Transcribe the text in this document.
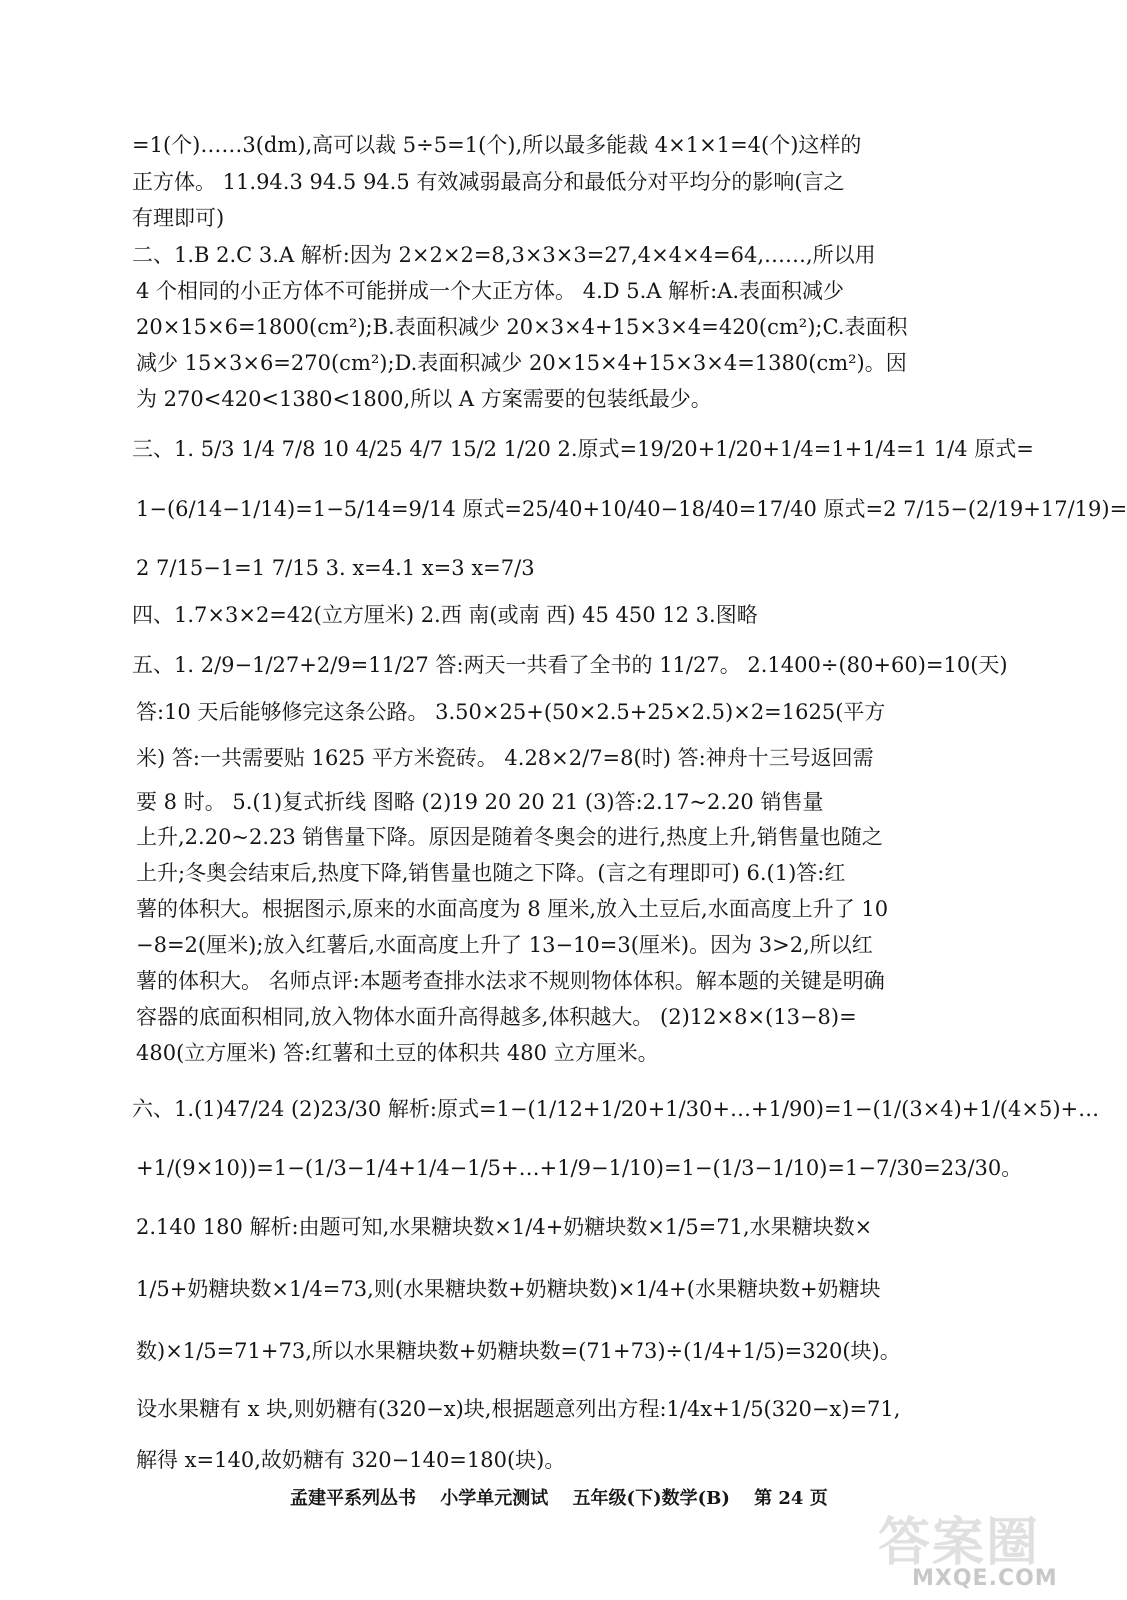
=1(个)……3(dm),高可以裁 5÷5=1(个),所以最多能裁 4×1×1=4(个)这样的
正方体。 11.94.3 94.5 94.5 有效减弱最高分和最低分对平均分的影响(言之
有理即可)
二、1.B 2.C 3.A 解析:因为 2×2×2=8,3×3×3=27,4×4×4=64,……,所以用
4 个相同的小正方体不可能拼成一个大正方体。 4.D 5.A 解析:A.表面积减少
20×15×6=1800(cm²);B.表面积减少 20×3×4+15×3×4=420(cm²);C.表面积
减少 15×3×6=270(cm²);D.表面积减少 20×15×4+15×3×4=1380(cm²)。因
为 270<420<1380<1800,所以 A 方案需要的包装纸最少。
三、1. 5/3 1/4 7/8 10 4/25 4/7 15/2 1/20 2.原式=19/20+1/20+1/4=1+1/4=1 1/4 原式=
1−(6/14−1/14)=1−5/14=9/14 原式=25/40+10/40−18/40=17/40 原式=2 7/15−(2/19+17/19)=
2 7/15−1=1 7/15 3. x=4.1 x=3 x=7/3
四、1.7×3×2=42(立方厘米) 2.西 南(或南 西) 45 450 12 3.图略
五、1. 2/9−1/27+2/9=11/27 答:两天一共看了全书的 11/27。 2.1400÷(80+60)=10(天)
答:10 天后能够修完这条公路。 3.50×25+(50×2.5+25×2.5)×2=1625(平方
米) 答:一共需要贴 1625 平方米瓷砖。 4.28×2/7=8(时) 答:神舟十三号返回需
要 8 时。 5.(1)复式折线 图略 (2)19 20 20 21 (3)答:2.17~2.20 销售量
上升,2.20~2.23 销售量下降。原因是随着冬奥会的进行,热度上升,销售量也随之
上升;冬奥会结束后,热度下降,销售量也随之下降。(言之有理即可) 6.(1)答:红
薯的体积大。根据图示,原来的水面高度为 8 厘米,放入土豆后,水面高度上升了 10
−8=2(厘米);放入红薯后,水面高度上升了 13−10=3(厘米)。因为 3>2,所以红
薯的体积大。 名师点评:本题考查排水法求不规则物体体积。解本题的关键是明确
容器的底面积相同,放入物体水面升高得越多,体积越大。 (2)12×8×(13−8)=
480(立方厘米) 答:红薯和土豆的体积共 480 立方厘米。
六、1.(1)47/24 (2)23/30 解析:原式=1−(1/12+1/20+1/30+…+1/90)=1−(1/(3×4)+1/(4×5)+…
+1/(9×10))=1−(1/3−1/4+1/4−1/5+…+1/9−1/10)=1−(1/3−1/10)=1−7/30=23/30。
2.140 180 解析:由题可知,水果糖块数×1/4+奶糖块数×1/5=71,水果糖块数×
1/5+奶糖块数×1/4=73,则(水果糖块数+奶糖块数)×1/4+(水果糖块数+奶糖块
数)×1/5=71+73,所以水果糖块数+奶糖块数=(71+73)÷(1/4+1/5)=320(块)。
设水果糖有 x 块,则奶糖有(320−x)块,根据题意列出方程:1/4x+1/5(320−x)=71,
解得 x=140,故奶糖有 320−140=180(块)。
孟建平系列丛书 小学单元测试 五年级(下)数学(B) 第 24 页
答案圈
MXQE.COM
